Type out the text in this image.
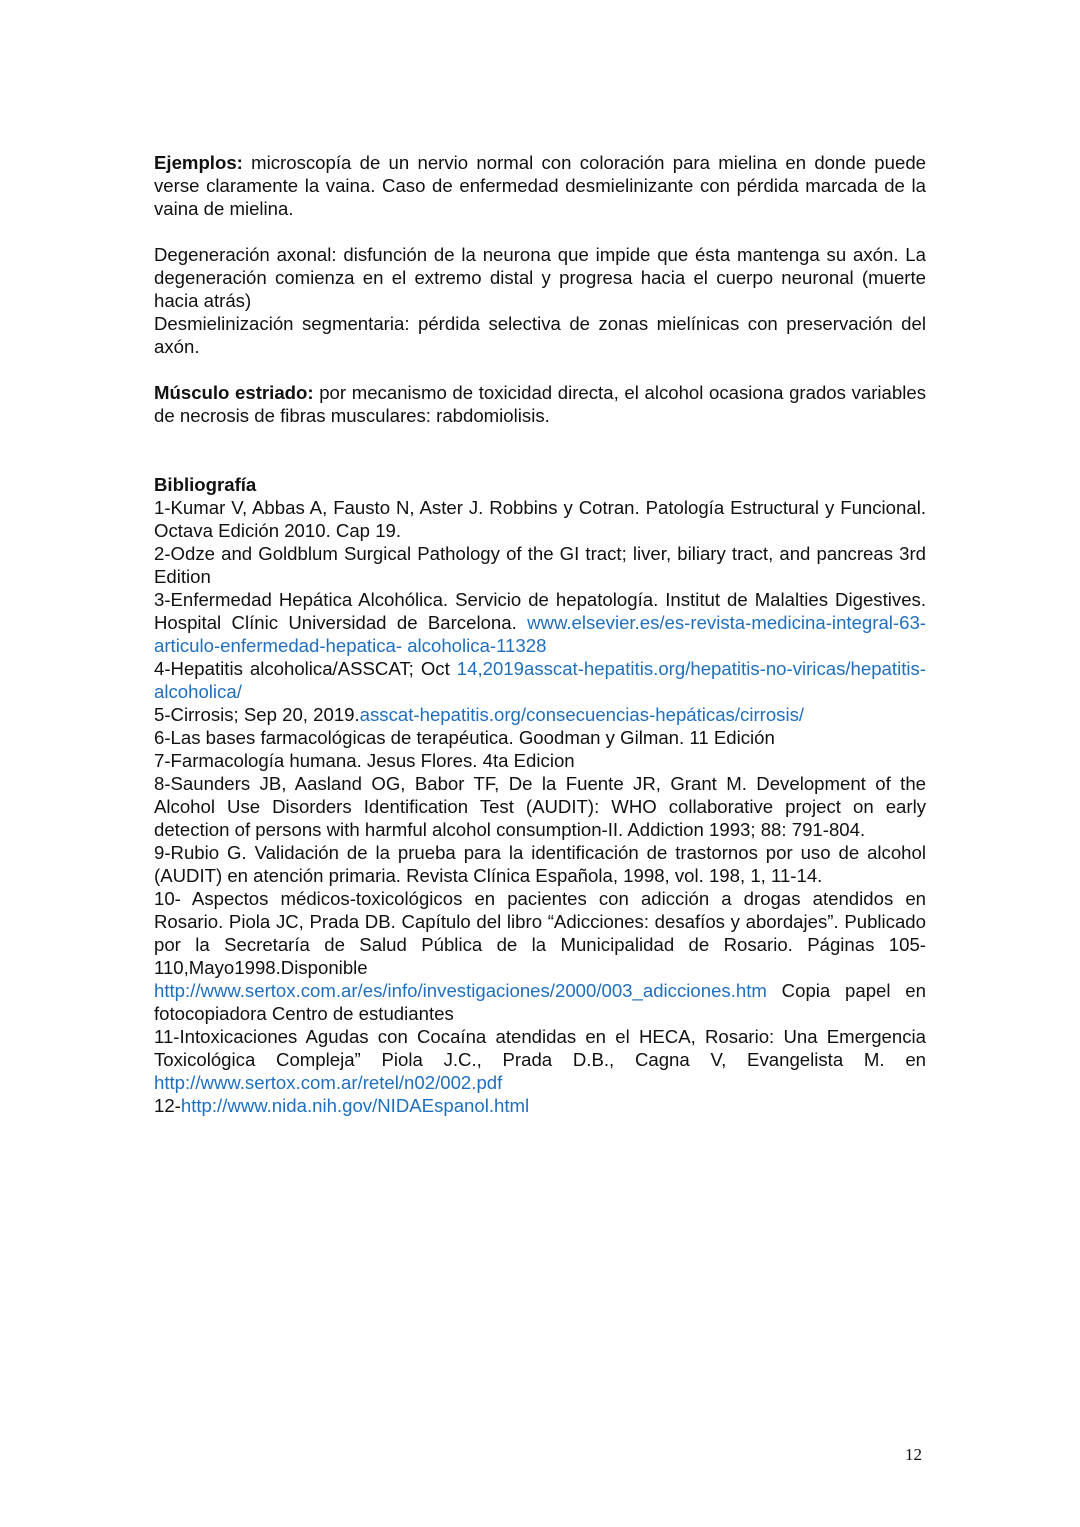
Ejemplos: microscopía de un nervio normal con coloración para mielina en donde puede verse claramente la vaina. Caso de enfermedad desmielinizante con pérdida marcada de la vaina de mielina.

Degeneración axonal: disfunción de la neurona que impide que ésta mantenga su axón. La degeneración comienza en el extremo distal y progresa hacia el cuerpo neuronal (muerte hacia atrás)

Desmielinización segmentaria: pérdida selectiva de zonas mielínicas con preservación del axón.

Músculo estriado: por mecanismo de toxicidad directa, el alcohol ocasiona grados variables de necrosis de fibras musculares: rabdomiolisis.

Bibliografía

1-Kumar V, Abbas A, Fausto N, Aster J. Robbins y Cotran. Patología Estructural y Funcional. Octava Edición 2010. Cap 19.

2-Odze and Goldblum Surgical Pathology of the GI tract; liver, biliary tract, and pancreas 3rd Edition

3-Enfermedad Hepática Alcohólica. Servicio de hepatología. Institut de Malalties Digestives. Hospital Clínic Universidad de Barcelona. www.elsevier.es/es-revista-medicina-integral-63-articulo-enfermedad-hepatica- alcoholica-11328

4-Hepatitis alcoholica/ASSCAT; Oct 14,2019asscat-hepatitis.org/hepatitis-no-viricas/hepatitis-alcoholica/

5-Cirrosis; Sep 20, 2019.asscat-hepatitis.org/consecuencias-hepáticas/cirrosis/

6-Las bases farmacológicas de terapéutica. Goodman y Gilman. 11 Edición

7-Farmacología humana. Jesus Flores. 4ta Edicion

8-Saunders JB, Aasland OG, Babor TF, De la Fuente JR, Grant M. Development of the Alcohol Use Disorders Identification Test (AUDIT): WHO collaborative project on early detection of persons with harmful alcohol consumption-II. Addiction 1993; 88: 791-804.

9-Rubio G. Validación de la prueba para la identificación de trastornos por uso de alcohol (AUDIT) en atención primaria. Revista Clínica Española, 1998, vol. 198, 1, 11-14.

10- Aspectos médicos-toxicológicos en pacientes con adicción a drogas atendidos en Rosario. Piola JC, Prada DB. Capítulo del libro “Adicciones: desafíos y abordajes”. Publicado por la Secretaría de Salud Pública de la Municipalidad de Rosario. Páginas 105-110,Mayo1998.Disponible http://www.sertox.com.ar/es/info/investigaciones/2000/003_adicciones.htm Copia papel en fotocopiadora Centro de estudiantes

11-Intoxicaciones Agudas con Cocaína atendidas en el HECA, Rosario: Una Emergencia Toxicológica Compleja” Piola J.C., Prada D.B., Cagna V, Evangelista M. en http://www.sertox.com.ar/retel/n02/002.pdf

12-http://www.nida.nih.gov/NIDAEspanol.html

12
